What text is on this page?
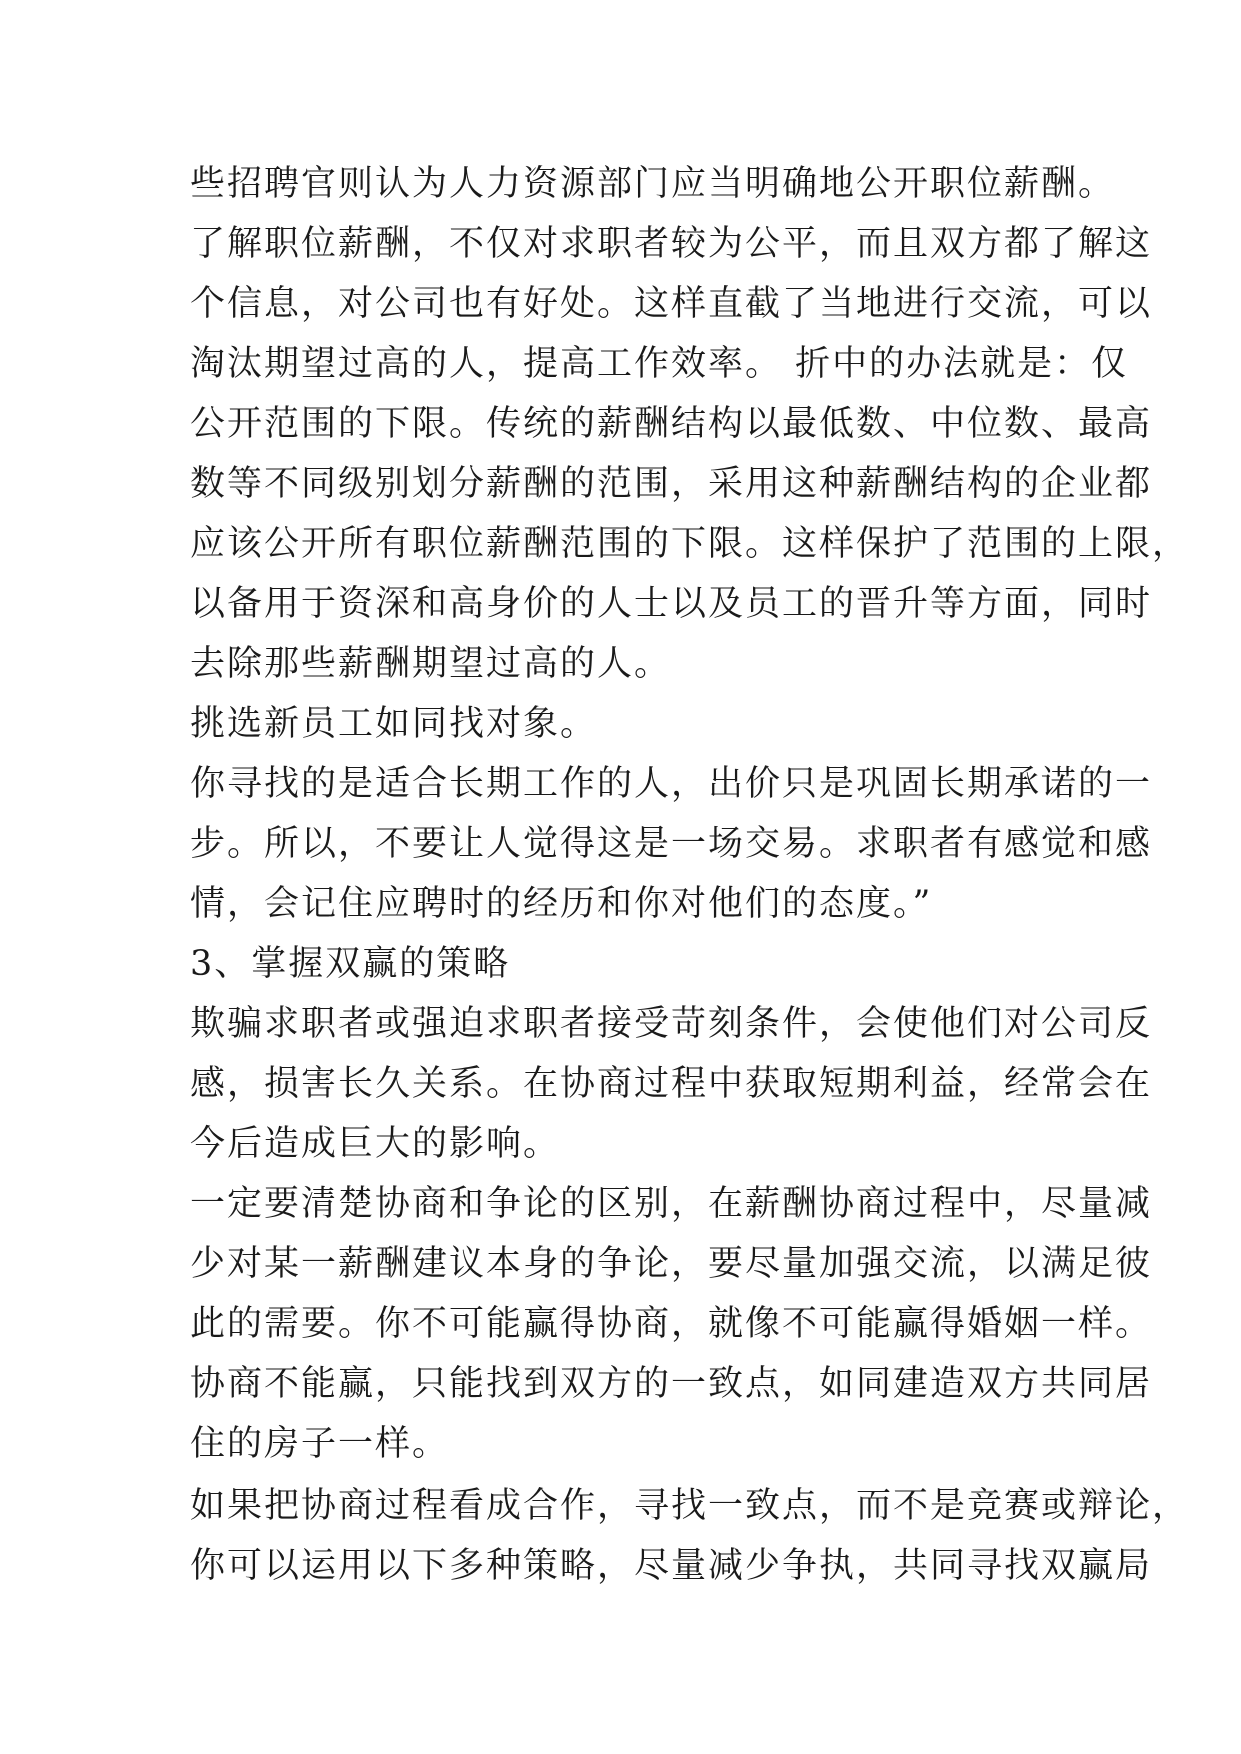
些招聘官则认为人力资源部门应当明确地公开职位薪酬。

了解职位薪酬，不仅对求职者较为公平，而且双方都了解这

个信息，对公司也有好处。这样直截了当地进行交流，可以

淘汰期望过高的人，提高工作效率。 折中的办法就是：仅

公开范围的下限。传统的薪酬结构以最低数、中位数、最高

数等不同级别划分薪酬的范围，采用这种薪酬结构的企业都

应该公开所有职位薪酬范围的下限。这样保护了范围的上限，

以备用于资深和高身价的人士以及员工的晋升等方面，同时

去除那些薪酬期望过高的人。

挑选新员工如同找对象。

你寻找的是适合长期工作的人，出价只是巩固长期承诺的一

步。所以，不要让人觉得这是一场交易。求职者有感觉和感

情，会记住应聘时的经历和你对他们的态度。”

3、掌握双赢的策略

欺骗求职者或强迫求职者接受苛刻条件，会使他们对公司反

感，损害长久关系。在协商过程中获取短期利益，经常会在

今后造成巨大的影响。

一定要清楚协商和争论的区别，在薪酬协商过程中，尽量减

少对某一薪酬建议本身的争论，要尽量加强交流，以满足彼

此的需要。你不可能赢得协商，就像不可能赢得婚姻一样。

协商不能赢，只能找到双方的一致点，如同建造双方共同居

住的房子一样。

如果把协商过程看成合作，寻找一致点，而不是竞赛或辩论，

你可以运用以下多种策略，尽量减少争执，共同寻找双赢局
